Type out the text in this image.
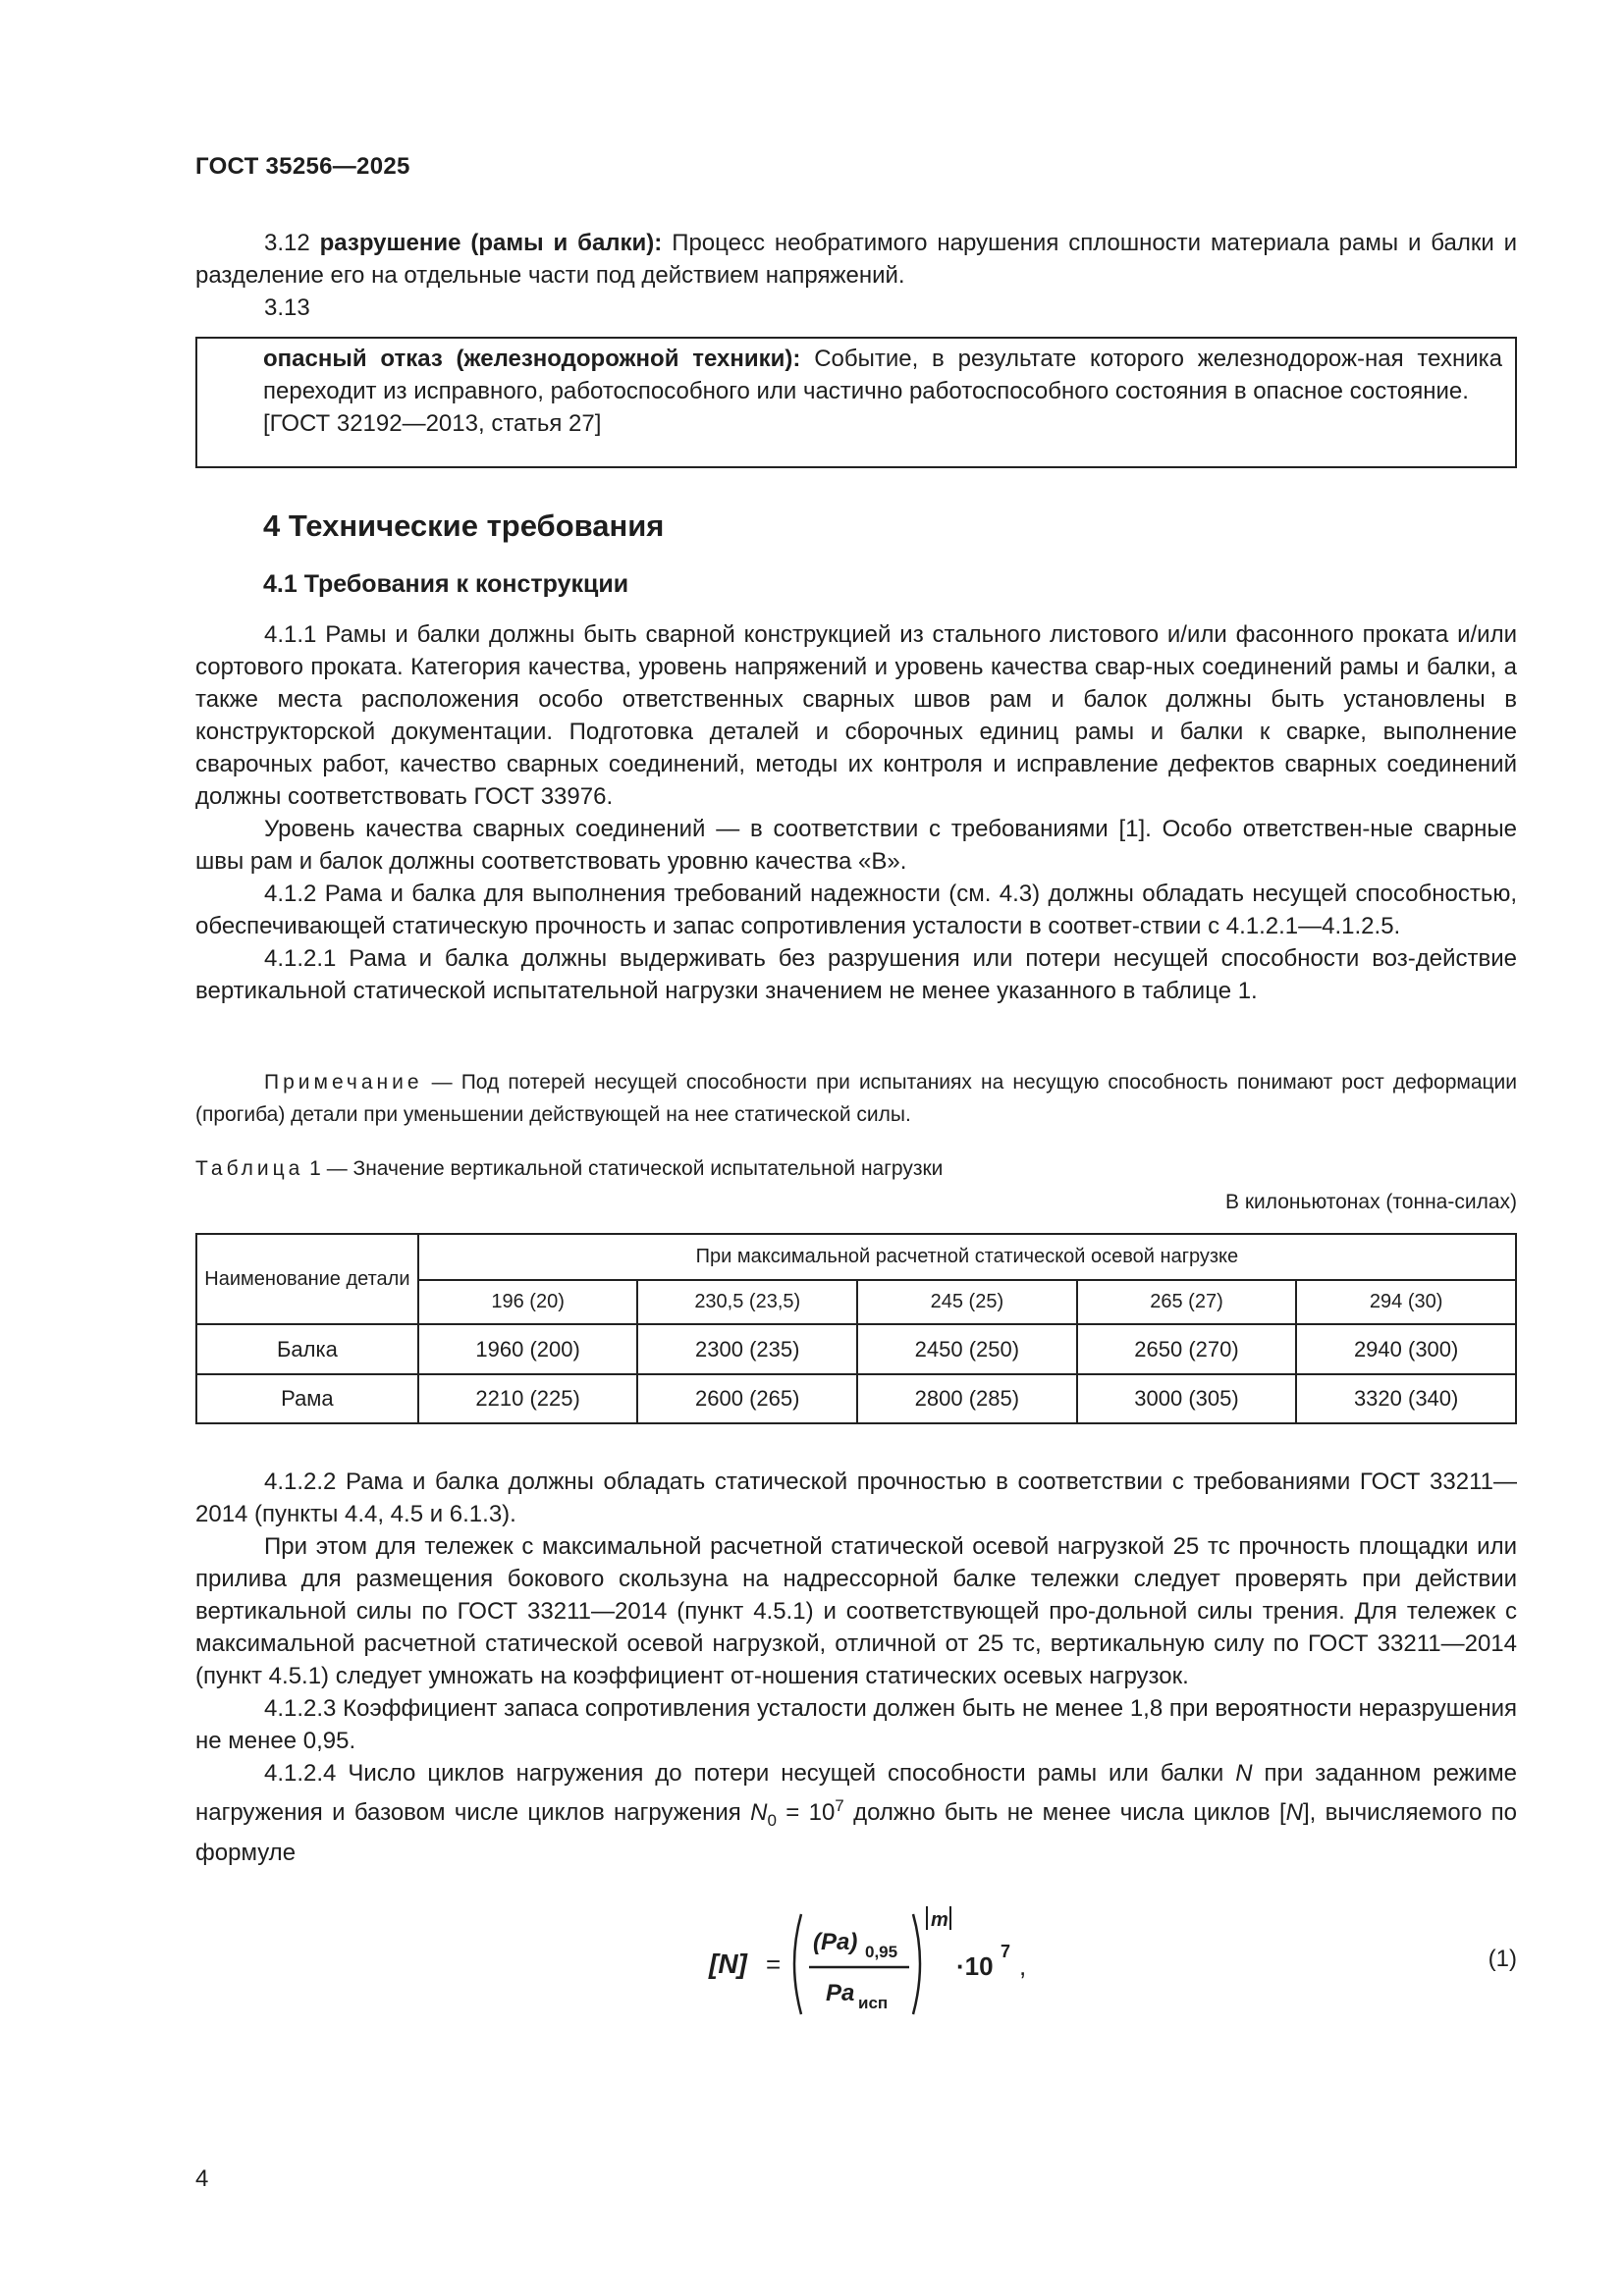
ГОСТ 35256—2025

3.12 разрушение (рамы и балки): Процесс необратимого нарушения сплошности материала рамы и балки и разделение его на отдельные части под действием напряжений.

3.13

опасный отказ (железнодорожной техники): Событие, в результате которого железнодорож-ная техника переходит из исправного, работоспособного или частично работоспособного состояния в опасное состояние.

[ГОСТ 32192—2013, статья 27]

4 Технические требования
4.1 Требования к конструкции

4.1.1 Рамы и балки должны быть сварной конструкцией из стального листового и/или фасонного проката и/или сортового проката. Категория качества, уровень напряжений и уровень качества свар-ных соединений рамы и балки, а также места расположения особо ответственных сварных швов рам и балок должны быть установлены в конструкторской документации. Подготовка деталей и сборочных единиц рамы и балки к сварке, выполнение сварочных работ, качество сварных соединений, методы их контроля и исправление дефектов сварных соединений должны соответствовать ГОСТ 33976.

Уровень качества сварных соединений — в соответствии с требованиями [1]. Особо ответствен-ные сварные швы рам и балок должны соответствовать уровню качества «B».

4.1.2 Рама и балка для выполнения требований надежности (см. 4.3) должны обладать несущей способностью, обеспечивающей статическую прочность и запас сопротивления усталости в соответ-ствии с 4.1.2.1—4.1.2.5.

4.1.2.1 Рама и балка должны выдерживать без разрушения или потери несущей способности воз-действие вертикальной статической испытательной нагрузки значением не менее указанного в таблице 1.

Примечание — Под потерей несущей способности при испытаниях на несущую способность понимают рост деформации (прогиба) детали при уменьшении действующей на нее статической силы.

Таблица 1 — Значение вертикальной статической испытательной нагрузки
В килоньютонах (тонна-силах)
Наименование детали	При максимальной расчетной статической осевой нагрузке				
	196 (20)	230,5 (23,5)	245 (25)	265 (27)	294 (30)
Балка	1960 (200)	2300 (235)	2450 (250)	2650 (270)	2940 (300)
Рама	2210 (225)	2600 (265)	2800 (285)	3000 (305)	3320 (340)

4.1.2.2 Рама и балка должны обладать статической прочностью в соответствии с требованиями ГОСТ 33211—2014 (пункты 4.4, 4.5 и 6.1.3).

При этом для тележек с максимальной расчетной статической осевой нагрузкой 25 тс прочность площадки или прилива для размещения бокового скользуна на надрессорной балке тележки следует проверять при действии вертикальной силы по ГОСТ 33211—2014 (пункт 4.5.1) и соответствующей про-дольной силы трения. Для тележек с максимальной расчетной статической осевой нагрузкой, отличной от 25 тс, вертикальную силу по ГОСТ 33211—2014 (пункт 4.5.1) следует умножать на коэффициент от-ношения статических осевых нагрузок.

4.1.2.3 Коэффициент запаса сопротивления усталости должен быть не менее 1,8 при вероятности неразрушения не менее 0,95.

4.1.2.4 Число циклов нагружения до потери несущей способности рамы или балки N при заданном режиме нагружения и базовом числе циклов нагружения $N_0 = 10^7$ должно быть не менее числа циклов [N], вычисляемого по формуле

[N] =
(Pa) 0,95
Pa исп
m
·10 7 ,	(1)
4
